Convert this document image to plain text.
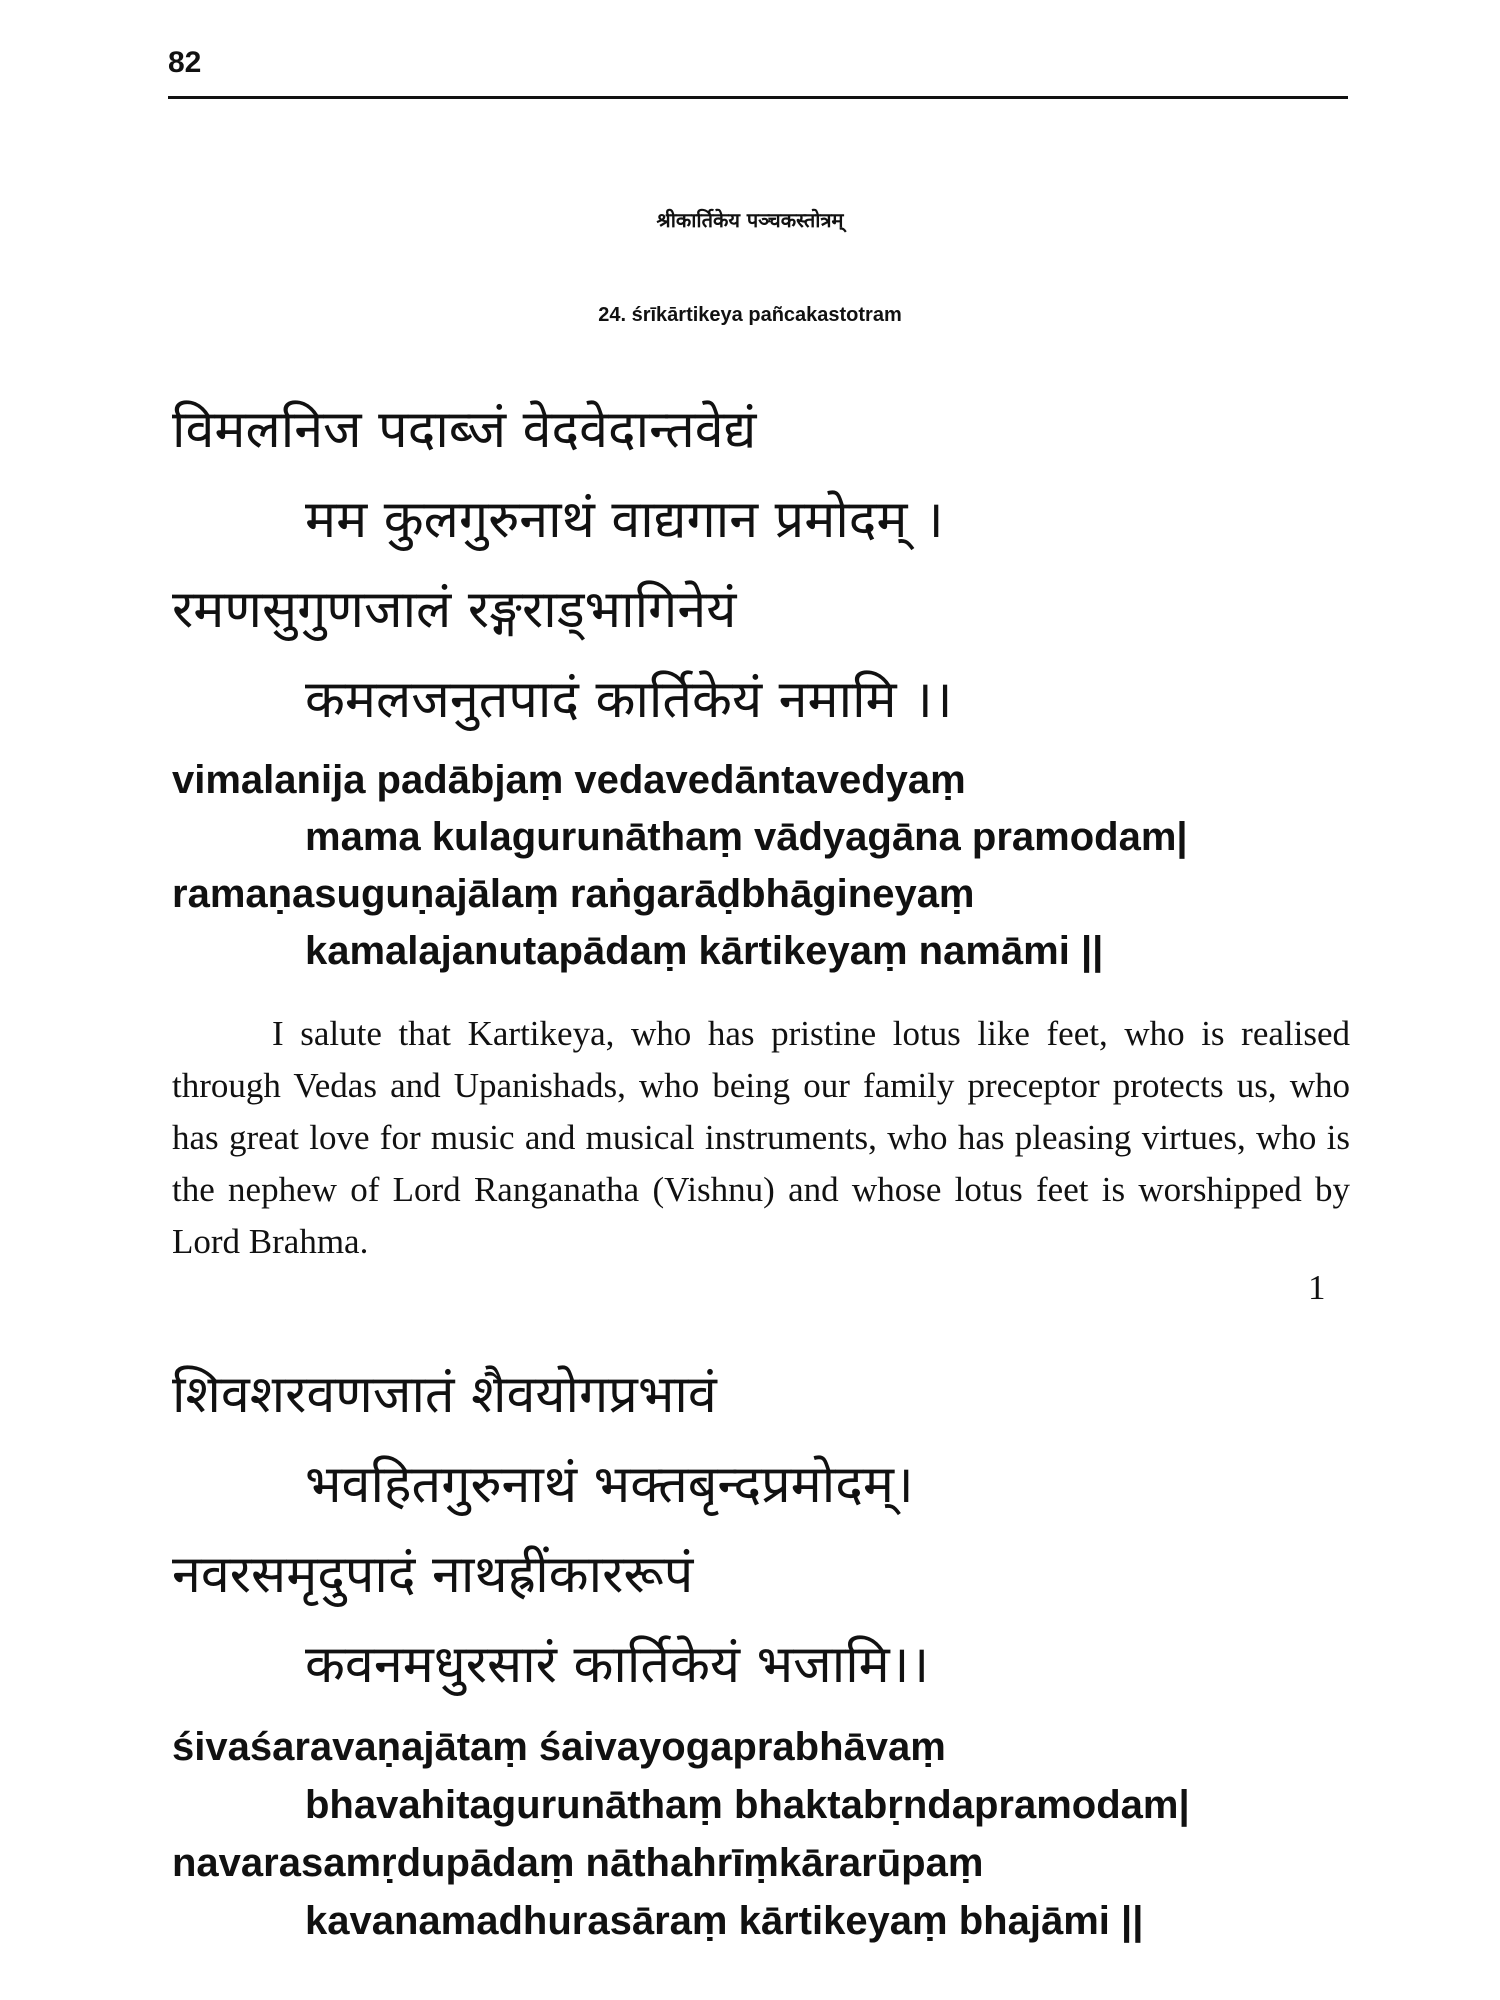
82
श्रीकार्तिकेय पञ्चकस्तोत्रम्
24. śrīkārtikeya pañcakastotram
विमलनिज पदाब्जं वेदवेदान्तवेद्यं
मम कुलगुरुनाथं वाद्यगान प्रमोदम् ।
रमणसुगुणजालं रङ्गराड्भागिनेयं
कमलजनुतपादं कार्तिकेयं नमामि ।।
vimalanija padābjaṃ vedavedāntavedyaṃ
mama kulagurunāthaṃ vādyagāna pramodam|
ramaṇasuguṇajālaṃ raṅgarāḍbhāgineyaṃ
kamalajanutapādaṃ kārtikeyaṃ namāmi ||

I salute that Kartikeya, who has pristine lotus like feet, who is realised through Vedas and Upanishads, who being our family preceptor protects us, who has great love for music and musical instruments, who has pleasing virtues, who is the nephew of Lord Ranganatha (Vishnu) and whose lotus feet is worshipped by Lord Brahma.

1
शिवशरवणजातं शैवयोगप्रभावं
भवहितगुरुनाथं भक्तबृन्दप्रमोदम्।
नवरसमृदुपादं नाथह्रींकाररूपं
कवनमधुरसारं कार्तिकेयं भजामि।।
śivaśaravaṇajātaṃ śaivayogaprabhāvaṃ
bhavahitagurunāthaṃ bhaktabṛndapramodam|
navarasamṛdupādaṃ nāthahrīṃkārarūpaṃ
kavanamadhurasāraṃ kārtikeyaṃ bhajāmi ||
